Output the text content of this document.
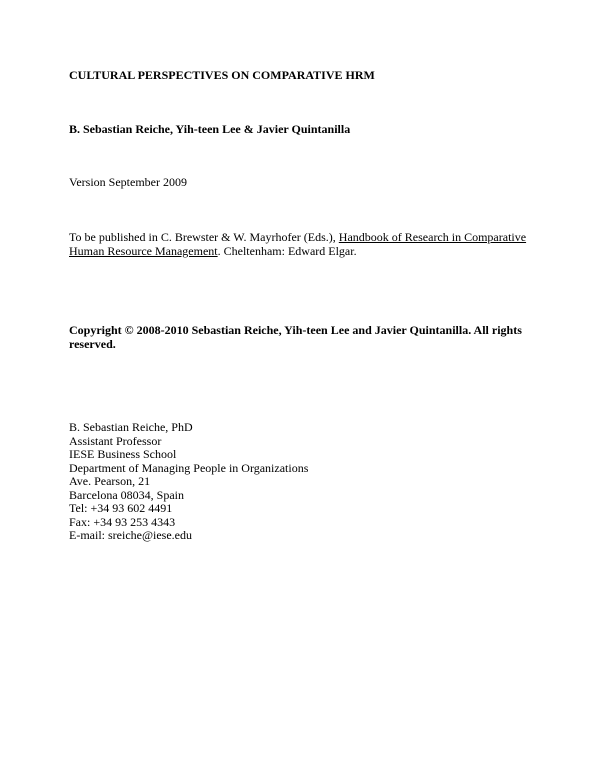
CULTURAL PERSPECTIVES ON COMPARATIVE HRM
B. Sebastian Reiche, Yih-teen Lee & Javier Quintanilla
Version September 2009
To be published in C. Brewster & W. Mayrhofer (Eds.), Handbook of Research in Comparative
Human Resource Management. Cheltenham: Edward Elgar.
Copyright © 2008-2010 Sebastian Reiche, Yih-teen Lee and Javier Quintanilla. All rights
reserved.
B. Sebastian Reiche, PhD
Assistant Professor
IESE Business School
Department of Managing People in Organizations
Ave. Pearson, 21
Barcelona 08034, Spain
Tel: +34 93 602 4491
Fax: +34 93 253 4343
E-mail: sreiche@iese.edu
